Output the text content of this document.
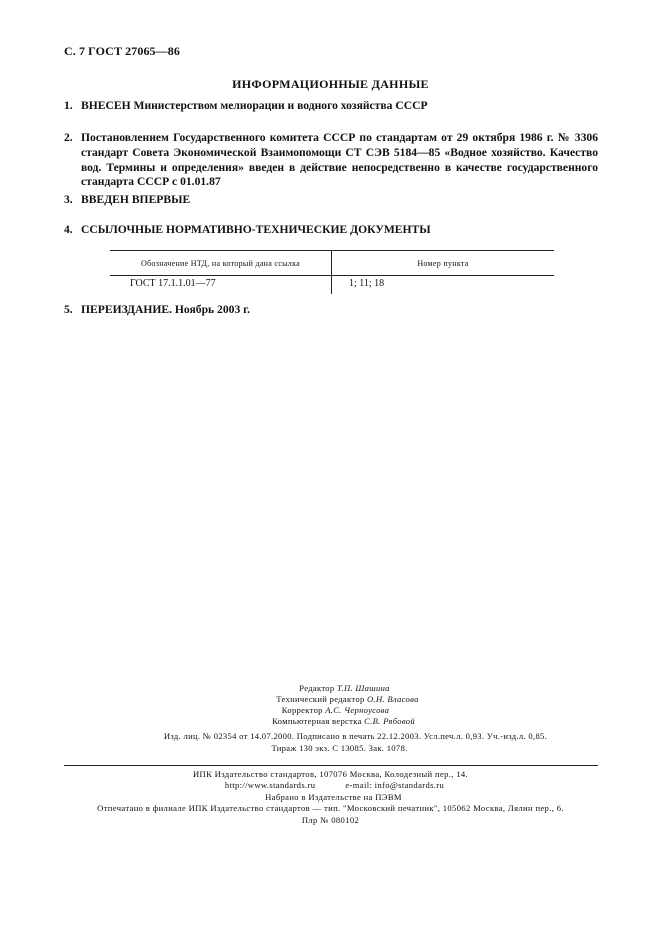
С. 7 ГОСТ 27065—86
ИНФОРМАЦИОННЫЕ ДАННЫЕ
1. ВНЕСЕН Министерством мелиорации и водного хозяйства СССР
2. Постановлением Государственного комитета СССР по стандартам от 29 октября 1986 г. № 3306 стандарт Совета Экономической Взаимопомощи СТ СЭВ 5184—85 «Водное хозяйство. Качество вод. Термины и определения» введен в действие непосредственно в качестве государственного стандарта СССР с 01.01.87
3. ВВЕДЕН ВПЕРВЫЕ
4. ССЫЛОЧНЫЕ НОРМАТИВНО-ТЕХНИЧЕСКИЕ ДОКУМЕНТЫ
Обозначение НТД, на который дана ссылка	Номер пункта
ГОСТ 17.1.1.01—77	1; 11; 18
5. ПЕРЕИЗДАНИЕ. Ноябрь 2003 г.
Редактор Т.П. Шашина
Технический редактор О.Н. Власова
Корректор А.С. Черноусова
Компьютерная верстка С.В. Рябовой
Изд. лиц. № 02354 от 14.07.2000. Подписано в печать 22.12.2003. Усл.печ.л. 0,93. Уч.-изд.л. 0,85.
Тираж 130 экз. С 13085. Зак. 1078.
ИПК Издательство стандартов, 107076 Москва, Колодезный пер., 14.
http://www.standards.ru	e-mail: info@standards.ru
Набрано в Издательстве на ПЭВМ
Отпечатано в филиале ИПК Издательство стандартов — тип. "Московский печатник", 105062 Москва, Лялин пер., 6.
Плр № 080102
